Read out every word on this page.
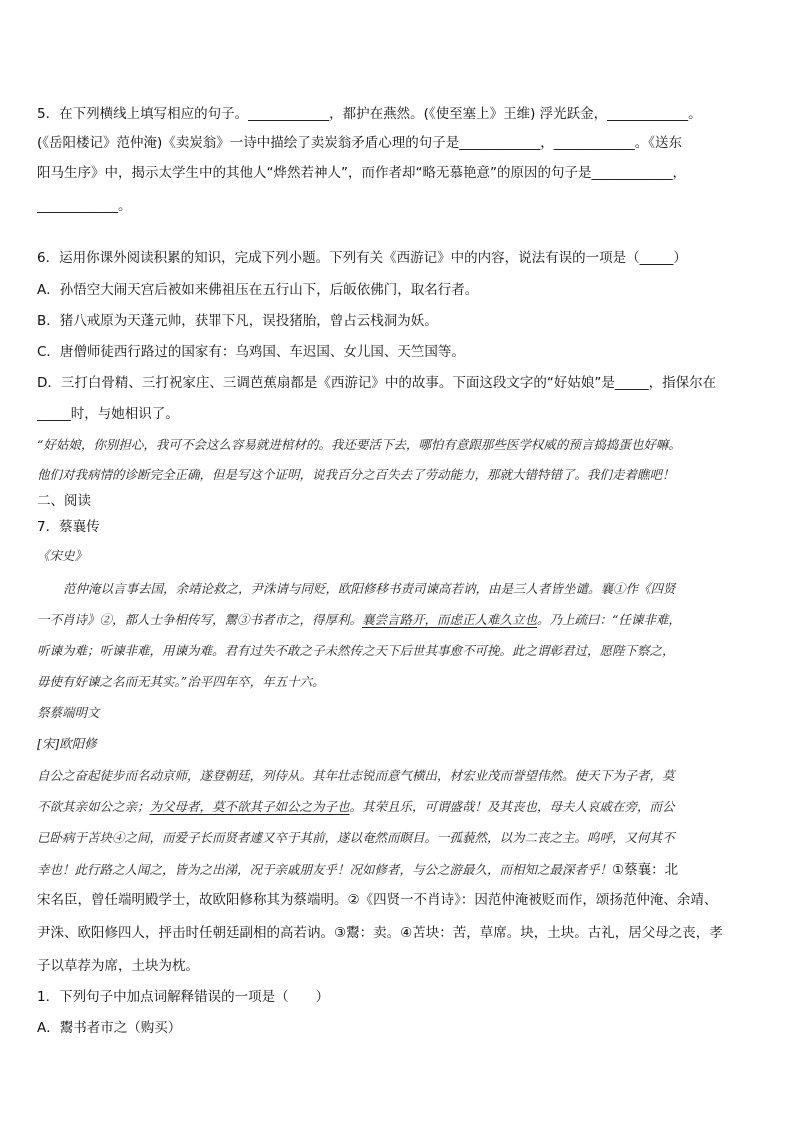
5．在下列横线上填写相应的句子。____________，都护在燕然。(《使至塞上》王维) 浮光跃金，____________。
(《岳阳楼记》范仲淹)《卖炭翁》一诗中描绘了卖炭翁矛盾心理的句子是____________，____________。《送东
阳马生序》中，揭示太学生中的其他人“烨然若神人”，而作者却“略无慕艳意”的原因的句子是____________，
____________。
6．运用你课外阅读积累的知识，完成下列小题。下列有关《西游记》中的内容，说法有误的一项是（_____）
A．孙悟空大闹天宫后被如来佛祖压在五行山下，后皈依佛门，取名行者。
B．猪八戒原为天蓬元帅，获罪下凡，误投猪胎，曾占云栈洞为妖。
C．唐僧师徒西行路过的国家有：乌鸡国、车迟国、女儿国、天竺国等。
D．三打白骨精、三打祝家庄、三调芭蕉扇都是《西游记》中的故事。下面这段文字的“好姑娘”是_____，指保尔在
_____时，与她相识了。
“好姑娘，你别担心，我可不会这么容易就进棺材的。我还要活下去，哪怕有意跟那些医学权威的预言捣捣蛋也好嘛。
他们对我病情的诊断完全正确，但是写这个证明，说我百分之百失去了劳动能力，那就大错特错了。我们走着瞧吧！
二、阅读
7．蔡襄传
《宋史》
范仲淹以言事去国，余靖论救之，尹洙请与同贬，欧阳修移书责司谏高若讷，由是三人者皆坐谴。襄①作《四贤
一不肖诗》②，都人士争相传写，鬻③书者市之，得厚利。襄尝言路开，而虑正人难久立也。乃上疏曰：“任谏非难，
听谏为难；听谏非难，用谏为难。君有过失不敢之子未然传之天下后世其事愈不可挽。此之谓彰君过，愿陛下察之，
毋使有好谏之名而无其实。”治平四年卒，年五十六。
祭蔡端明文
[宋]欧阳修
自公之奋起徒步而名动京师，遂登朝廷，列侍从。其年壮志锐而意气横出，材宏业茂而誉望伟然。使天下为子者，莫
不欲其亲如公之亲；为父母者，莫不欲其子如公之为子也。其荣且乐，可谓盛哉！及其丧也，母夫人哀戚在旁，而公
已卧病于苫块④之间，而爱子长而贤者遽又卒于其前，遂以奄然而瞑目。一孤藐然，以为二丧之主。呜呼，又何其不
幸也！此行路之人闻之，皆为之出涕，况于亲戚朋友乎！况如修者，与公之游最久，而相知之最深者乎！①蔡襄：北
宋名臣，曾任端明殿学士，故欧阳修称其为蔡端明。②《四贤一不肖诗》：因范仲淹被贬而作，颂扬范仲淹、余靖、
尹洙、欧阳修四人，抨击时任朝廷副相的高若讷。③鬻：卖。④苫块：苦，草席。块，土块。古礼，居父母之丧，孝
子以草荐为席，土块为枕。
1．下列句子中加点词解释错误的一项是（　　）
A．鬻书者市之（购买）
